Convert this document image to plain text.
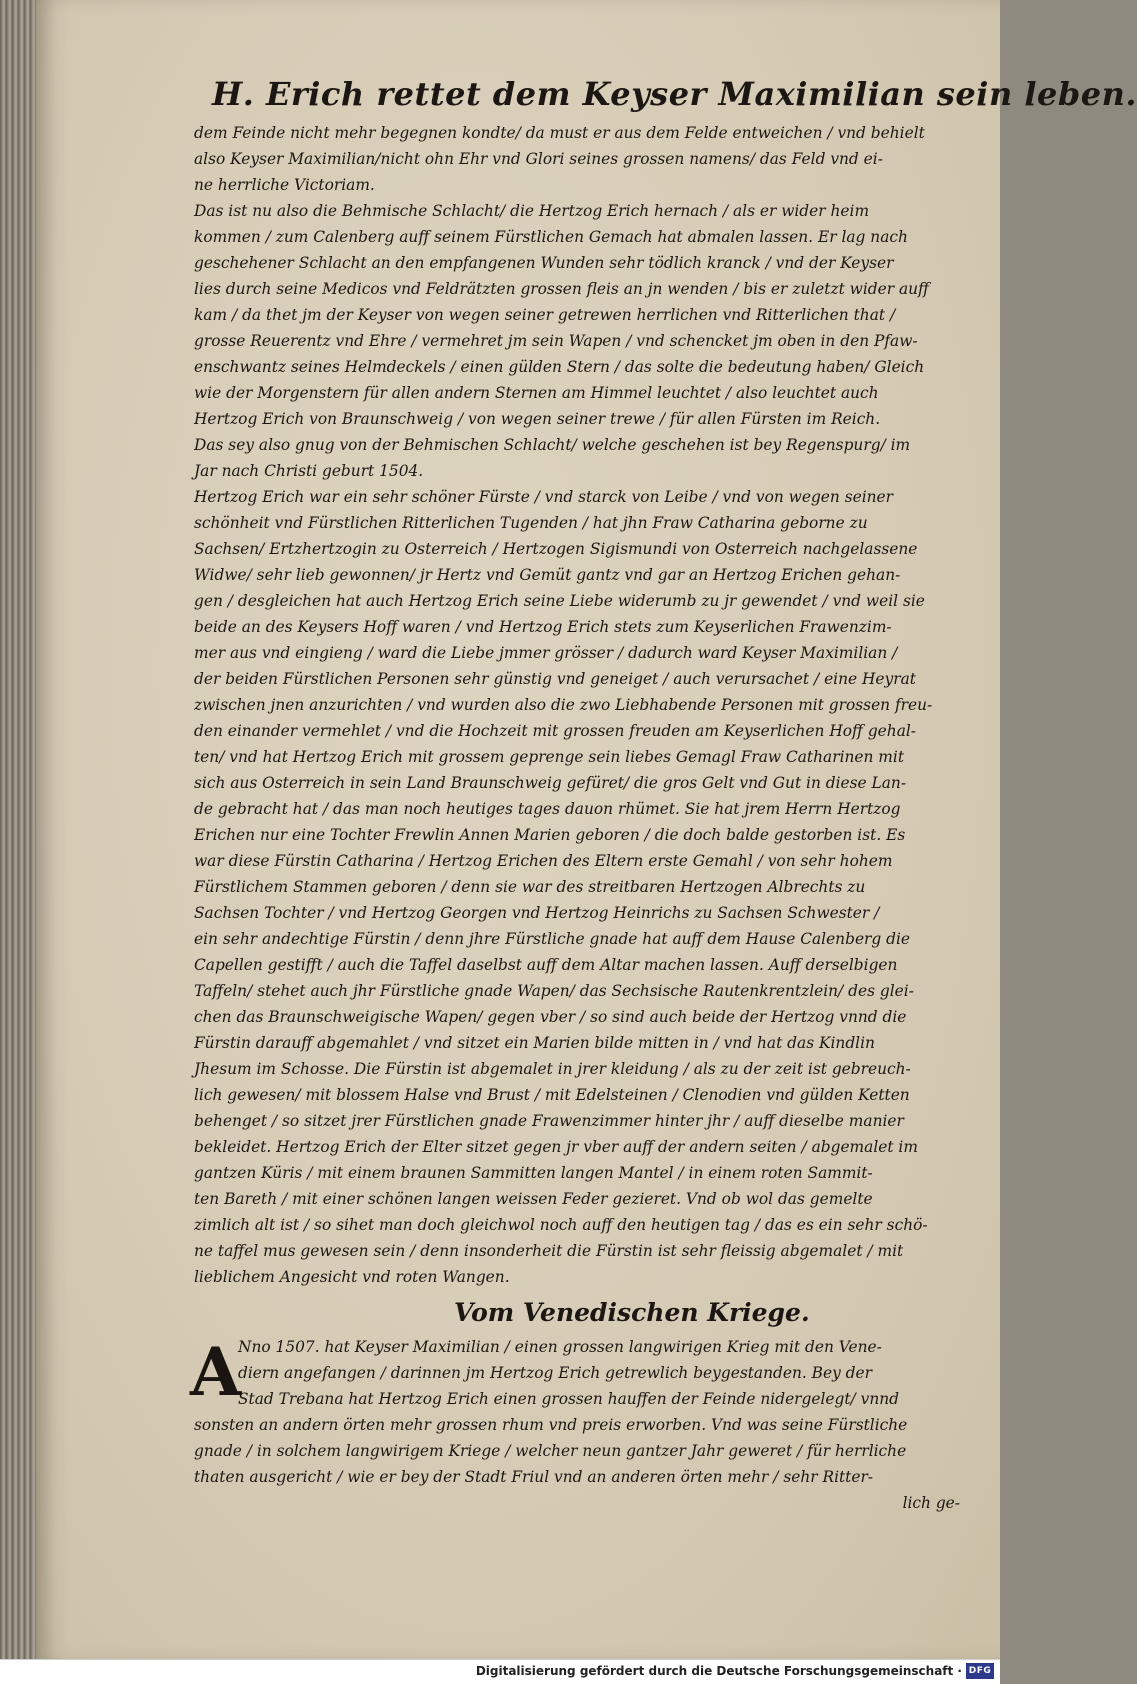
H. Erich rettet dem Keyser Maximilian sein leben.
dem Feinde nicht mehr begegnen kondte/ da must er aus dem Felde entweichen / vnd behielt
also Keyser Maximilian/nicht ohn Ehr vnd Glori seines grossen namens/ das Feld vnd ei-
ne herrliche Victoriam.
Das ist nu also die Behmische Schlacht/ die Hertzog Erich hernach / als er wider heim
kommen / zum Calenberg auff seinem Fürstlichen Gemach hat abmalen lassen. Er lag nach
geschehener Schlacht an den empfangenen Wunden sehr tödlich kranck / vnd der Keyser
lies durch seine Medicos vnd Feldrätzten grossen fleis an jn wenden / bis er zuletzt wider auff
kam / da thet jm der Keyser von wegen seiner getrewen herrlichen vnd Ritterlichen that /
grosse Reuerentz vnd Ehre / vermehret jm sein Wapen / vnd schencket jm oben in den Pfaw-
enschwantz seines Helmdeckels / einen gülden Stern / das solte die bedeutung haben/ Gleich
wie der Morgenstern für allen andern Sternen am Himmel leuchtet / also leuchtet auch
Hertzog Erich von Braunschweig / von wegen seiner trewe / für allen Fürsten im Reich.
Das sey also gnug von der Behmischen Schlacht/ welche geschehen ist bey Regenspurg/ im
Jar nach Christi geburt 1504.
Hertzog Erich war ein sehr schöner Fürste / vnd starck von Leibe / vnd von wegen seiner
schönheit vnd Fürstlichen Ritterlichen Tugenden / hat jhn Fraw Catharina geborne zu
Sachsen/ Ertzhertzogin zu Osterreich / Hertzogen Sigismundi von Osterreich nachgelassene
Widwe/ sehr lieb gewonnen/ jr Hertz vnd Gemüt gantz vnd gar an Hertzog Erichen gehan-
gen / desgleichen hat auch Hertzog Erich seine Liebe widerumb zu jr gewendet / vnd weil sie
beide an des Keysers Hoff waren / vnd Hertzog Erich stets zum Keyserlichen Frawenzim-
mer aus vnd eingieng / ward die Liebe jmmer grösser / dadurch ward Keyser Maximilian /
der beiden Fürstlichen Personen sehr günstig vnd geneiget / auch verursachet / eine Heyrat
zwischen jnen anzurichten / vnd wurden also die zwo Liebhabende Personen mit grossen freu-
den einander vermehlet / vnd die Hochzeit mit grossen freuden am Keyserlichen Hoff gehal-
ten/ vnd hat Hertzog Erich mit grossem geprenge sein liebes Gemagl Fraw Catharinen mit
sich aus Osterreich in sein Land Braunschweig gefüret/ die gros Gelt vnd Gut in diese Lan-
de gebracht hat / das man noch heutiges tages dauon rhümet. Sie hat jrem Herrn Hertzog
Erichen nur eine Tochter Frewlin Annen Marien geboren / die doch balde gestorben ist. Es
war diese Fürstin Catharina / Hertzog Erichen des Eltern erste Gemahl / von sehr hohem
Fürstlichem Stammen geboren / denn sie war des streitbaren Hertzogen Albrechts zu
Sachsen Tochter / vnd Hertzog Georgen vnd Hertzog Heinrichs zu Sachsen Schwester /
ein sehr andechtige Fürstin / denn jhre Fürstliche gnade hat auff dem Hause Calenberg die
Capellen gestifft / auch die Taffel daselbst auff dem Altar machen lassen. Auff derselbigen
Taffeln/ stehet auch jhr Fürstliche gnade Wapen/ das Sechsische Rautenkrentzlein/ des glei-
chen das Braunschweigische Wapen/ gegen vber / so sind auch beide der Hertzog vnnd die
Fürstin darauff abgemahlet / vnd sitzet ein Marien bilde mitten in / vnd hat das Kindlin
Jhesum im Schosse. Die Fürstin ist abgemalet in jrer kleidung / als zu der zeit ist gebreuch-
lich gewesen/ mit blossem Halse vnd Brust / mit Edelsteinen / Clenodien vnd gülden Ketten
behenget / so sitzet jrer Fürstlichen gnade Frawenzimmer hinter jhr / auff dieselbe manier
bekleidet. Hertzog Erich der Elter sitzet gegen jr vber auff der andern seiten / abgemalet im
gantzen Küris / mit einem braunen Sammitten langen Mantel / in einem roten Sammit-
ten Bareth / mit einer schönen langen weissen Feder gezieret. Vnd ob wol das gemelte
zimlich alt ist / so sihet man doch gleichwol noch auff den heutigen tag / das es ein sehr schö-
ne taffel mus gewesen sein / denn insonderheit die Fürstin ist sehr fleissig abgemalet / mit
lieblichem Angesicht vnd roten Wangen.
Vom Venedischen Kriege.
A
Nno 1507. hat Keyser Maximilian / einen grossen langwirigen Krieg mit den Vene-
diern angefangen / darinnen jm Hertzog Erich getrewlich beygestanden. Bey der
Stad Trebana hat Hertzog Erich einen grossen hauffen der Feinde nidergelegt/ vnnd
sonsten an andern örten mehr grossen rhum vnd preis erworben. Vnd was seine Fürstliche
gnade / in solchem langwirigem Kriege / welcher neun gantzer Jahr geweret / für herrliche
thaten ausgericht / wie er bey der Stadt Friul vnd an anderen örten mehr / sehr Ritter-
lich ge-
Digitalisierung gefördert durch die Deutsche Forschungsgemeinschaft · DFG
